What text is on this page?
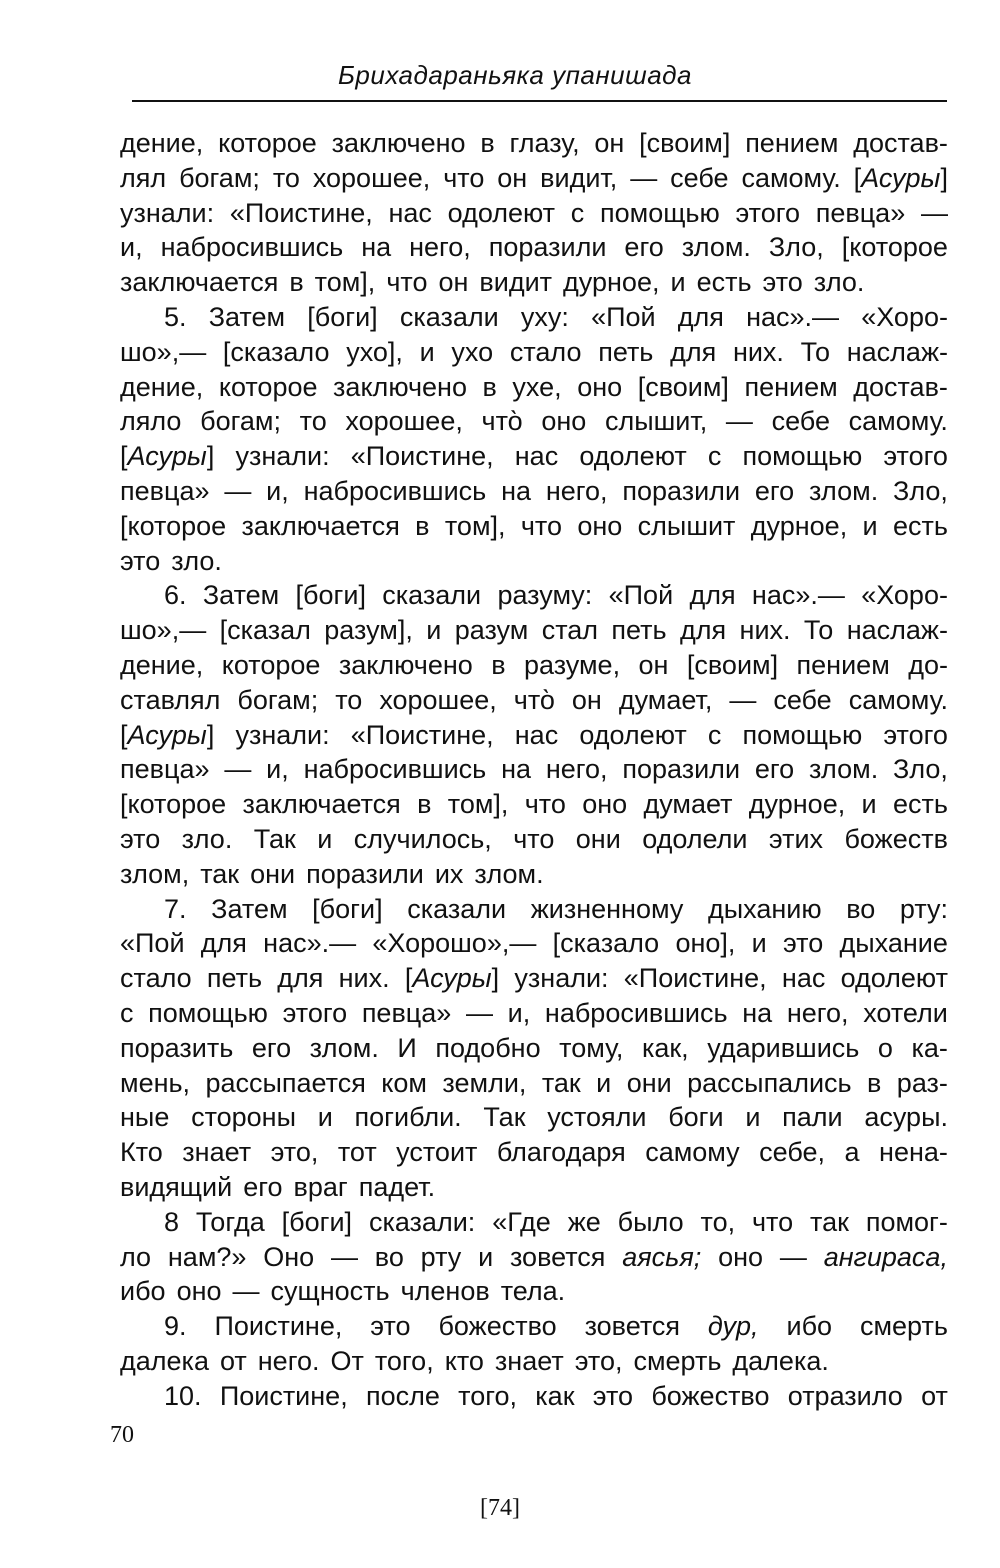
Брихадараньяка упанишада
дение, которое заключено в глазу, он [своим] пением достав-
лял богам; то хорошее, что он видит, — себе самому. [Асуры]
узнали: «Поистине, нас одолеют с помощью этого певца» —
и, набросившись на него, поразили его злом. Зло, [которое
заключается в том], что он видит дурное, и есть это зло.
5. Затем [боги] сказали уху: «Пой для нас».— «Хоро-
шо»,— [сказало ухо], и ухо стало петь для них. То наслаж-
дение, которое заключено в ухе, оно [своим] пением достав-
ляло богам; то хорошее, что̀ оно слышит, — себе самому.
[Асуры] узнали: «Поистине, нас одолеют с помощью этого
певца» — и, набросившись на него, поразили его злом. Зло,
[которое заключается в том], что оно слышит дурное, и есть
это зло.
6. Затем [боги] сказали разуму: «Пой для нас».— «Хоро-
шо»,— [сказал разум], и разум стал петь для них. То наслаж-
дение, которое заключено в разуме, он [своим] пением до-
ставлял богам; то хорошее, что̀ он думает, — себе самому.
[Асуры] узнали: «Поистине, нас одолеют с помощью этого
певца» — и, набросившись на него, поразили его злом. Зло,
[которое заключается в том], что оно думает дурное, и есть
это зло. Так и случилось, что они одолели этих божеств
злом, так они поразили их злом.
7. Затем [боги] сказали жизненному дыханию во рту:
«Пой для нас».— «Хорошо»,— [сказало оно], и это дыхание
стало петь для них. [Асуры] узнали: «Поистине, нас одолеют
с помощью этого певца» — и, набросившись на него, хотели
поразить его злом. И подобно тому, как, ударившись о ка-
мень, рассыпается ком земли, так и они рассыпались в раз-
ные стороны и погибли. Так устояли боги и пали асуры.
Кто знает это, тот устоит благодаря самому себе, а нена-
видящий его враг падет.
8 Тогда [боги] сказали: «Где же было то, что так помог-
ло нам?» Оно — во рту и зовется аясья; оно — ангираса,
ибо оно — сущность членов тела.
9. Поистине, это божество зовется дур, ибо смерть
далека от него. От того, кто знает это, смерть далека.
10. Поистине, после того, как это божество отразило от
70
[74]
